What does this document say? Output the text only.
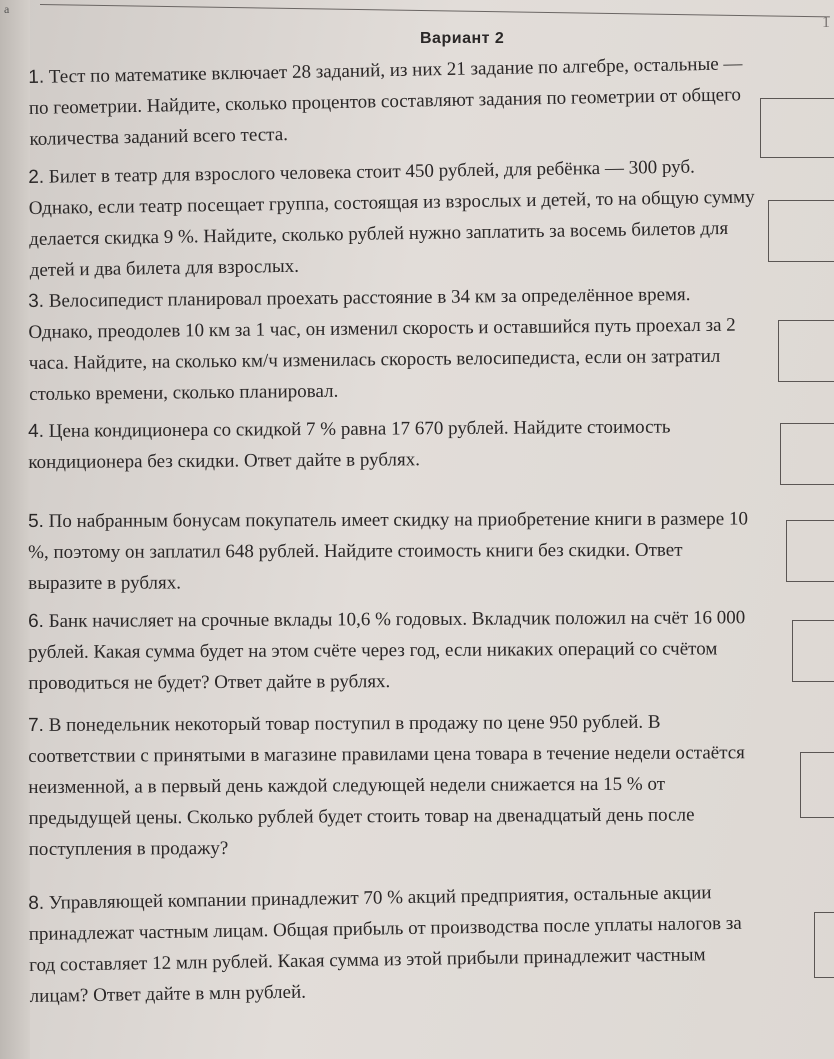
а
1
Вариант 2
1. Тест по математике включает 28 заданий, из них 21 задание по алгебре, остальные — по геометрии. Найдите, сколько процентов составляют задания по геометрии от общего количества заданий всего теста.
2. Билет в театр для взрослого человека стоит 450 рублей, для ребёнка — 300 руб. Однако, если театр посещает группа, состоящая из взрослых и детей, то на общую сумму делается скидка 9 %. Найдите, сколько рублей нужно заплатить за восемь билетов для детей и два билета для взрослых.
3. Велосипедист планировал проехать расстояние в 34 км за определённое время. Однако, преодолев 10 км за 1 час, он изменил скорость и оставшийся путь проехал за 2 часа. Найдите, на сколько км/ч изменилась скорость велосипедиста, если он затратил столько времени, сколько планировал.
4. Цена кондиционера со скидкой 7 % равна 17 670 рублей. Найдите стоимость кондиционера без скидки. Ответ дайте в рублях.
5. По набранным бонусам покупатель имеет скидку на приобретение книги в размере 10 %, поэтому он заплатил 648 рублей. Найдите стоимость книги без скидки. Ответ выразите в рублях.
6. Банк начисляет на срочные вклады 10,6 % годовых. Вкладчик положил на счёт 16 000 рублей. Какая сумма будет на этом счёте через год, если никаких операций со счётом проводиться не будет? Ответ дайте в рублях.
7. В понедельник некоторый товар поступил в продажу по цене 950 рублей. В соответствии с принятыми в магазине правилами цена товара в течение недели остаётся неизменной, а в первый день каждой следующей недели снижается на 15 % от предыдущей цены. Сколько рублей будет стоить товар на двенадцатый день после поступления в продажу?
8. Управляющей компании принадлежит 70 % акций предприятия, остальные акции принадлежат частным лицам. Общая прибыль от производства после уплаты налогов за год составляет 12 млн рублей. Какая сумма из этой прибыли принадлежит частным лицам? Ответ дайте в млн рублей.
